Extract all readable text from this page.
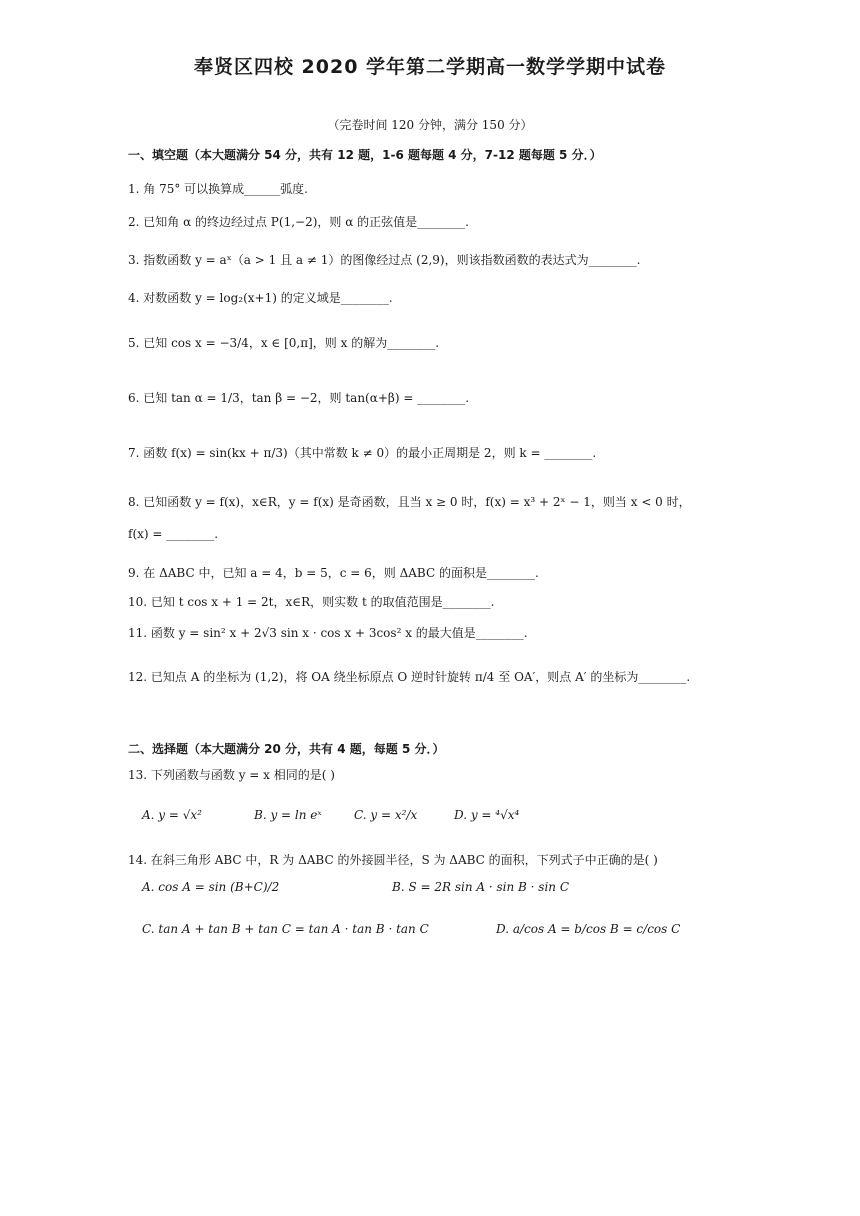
奉贤区四校 2020 学年第二学期高一数学学期中试卷
（完卷时间 120 分钟，满分 150 分）
一、填空题（本大题满分 54 分，共有 12 题，1-6 题每题 4 分，7-12 题每题 5 分．）
1. 角 75° 可以换算成______弧度.
2. 已知角 α 的终边经过点 P(1,−2)，则 α 的正弦值是________.
3. 指数函数 y = aˣ（a > 1 且 a ≠ 1）的图像经过点 (2,9)，则该指数函数的表达式为________.
4. 对数函数 y = log₂(x+1) 的定义域是________.
5. 已知 cos x = −3/4，x ∈ [0,π]，则 x 的解为________.
6. 已知 tan α = 1/3，tan β = −2，则 tan(α+β) = ________.
7. 函数 f(x) = sin(kx + π/3)（其中常数 k ≠ 0）的最小正周期是 2，则 k = ________.
8. 已知函数 y = f(x)，x∈R，y = f(x) 是奇函数，且当 x ≥ 0 时，f(x) = x³ + 2ˣ − 1，则当 x < 0 时，
f(x) = ________.
9. 在 ΔABC 中，已知 a = 4，b = 5，c = 6，则 ΔABC 的面积是________.
10. 已知 t cos x + 1 = 2t，x∈R，则实数 t 的取值范围是________.
11. 函数 y = sin² x + 2√3 sin x · cos x + 3cos² x 的最大值是________.
12. 已知点 A 的坐标为 (1,2)，将 OA 绕坐标原点 O 逆时针旋转 π/4 至 OA′，则点 A′ 的坐标为________.
二、选择题（本大题满分 20 分，共有 4 题，每题 5 分．）
13. 下列函数与函数 y = x 相同的是( )
A. y = √x²	B. y = ln eˣ	C. y = x²/x	D. y = ⁴√x⁴
14. 在斜三角形 ABC 中，R 为 ΔABC 的外接圆半径，S 为 ΔABC 的面积，下列式子中正确的是( )
A. cos A = sin (B+C)/2	B. S = 2R sin A · sin B · sin C
C. tan A + tan B + tan C = tan A · tan B · tan C	D. a/cos A = b/cos B = c/cos C
